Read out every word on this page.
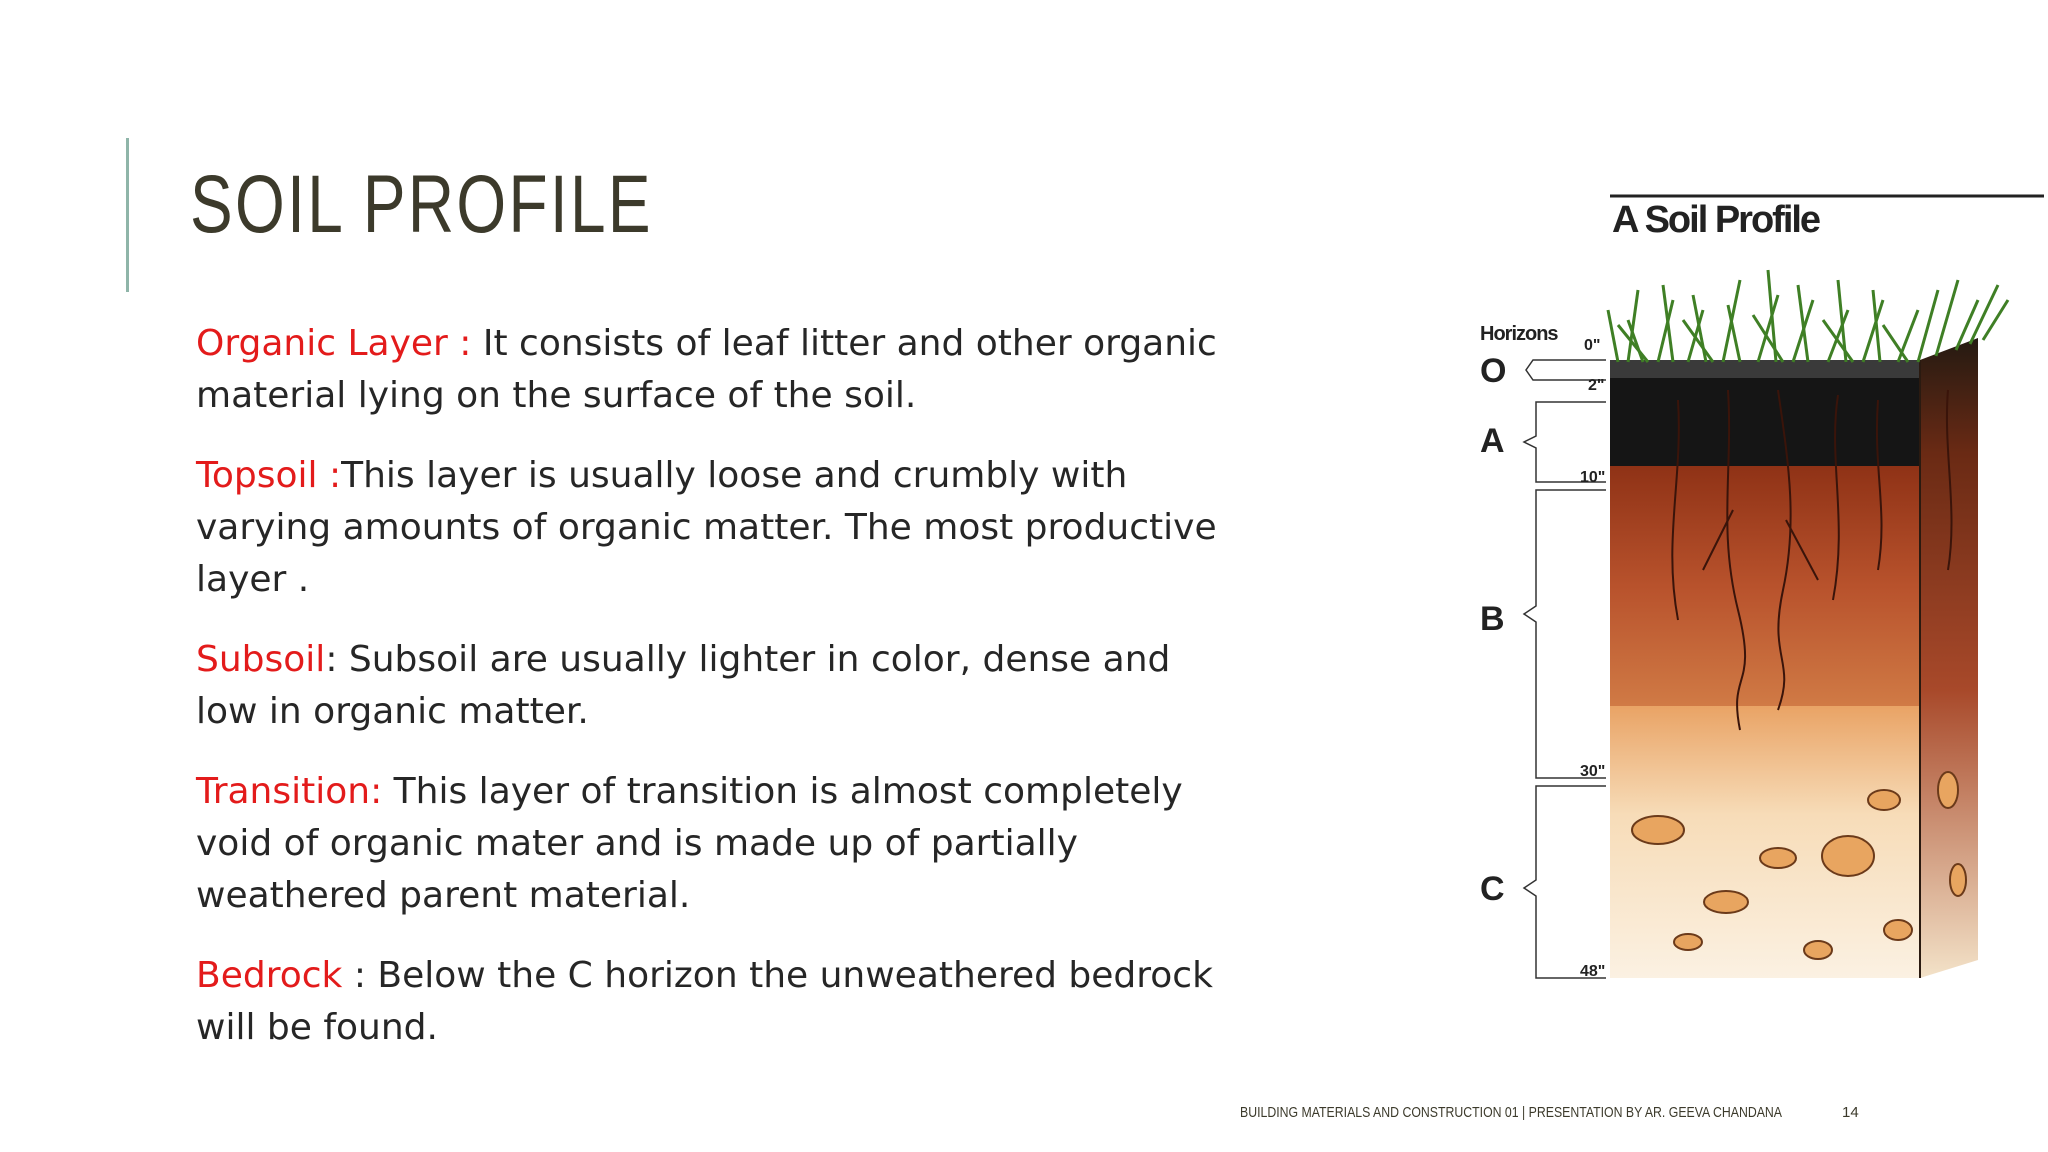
SOIL PROFILE

Organic Layer : It consists of leaf litter and other organic material lying on the surface of the soil.

Topsoil :This layer is usually loose and crumbly with varying amounts of organic matter. The most productive layer .

Subsoil: Subsoil are usually lighter in color, dense and low in organic matter.

Transition: This layer of transition is almost completely void of organic mater and is made up of partially weathered parent material.

Bedrock : Below the C horizon the unweathered bedrock will be found.

A Soil Profile
Horizons
O
A
B
C
0"
2"
10"
30"
48"
BUILDING MATERIALS AND CONSTRUCTION 01 | PRESENTATION BY AR. GEEVA CHANDANA	14
